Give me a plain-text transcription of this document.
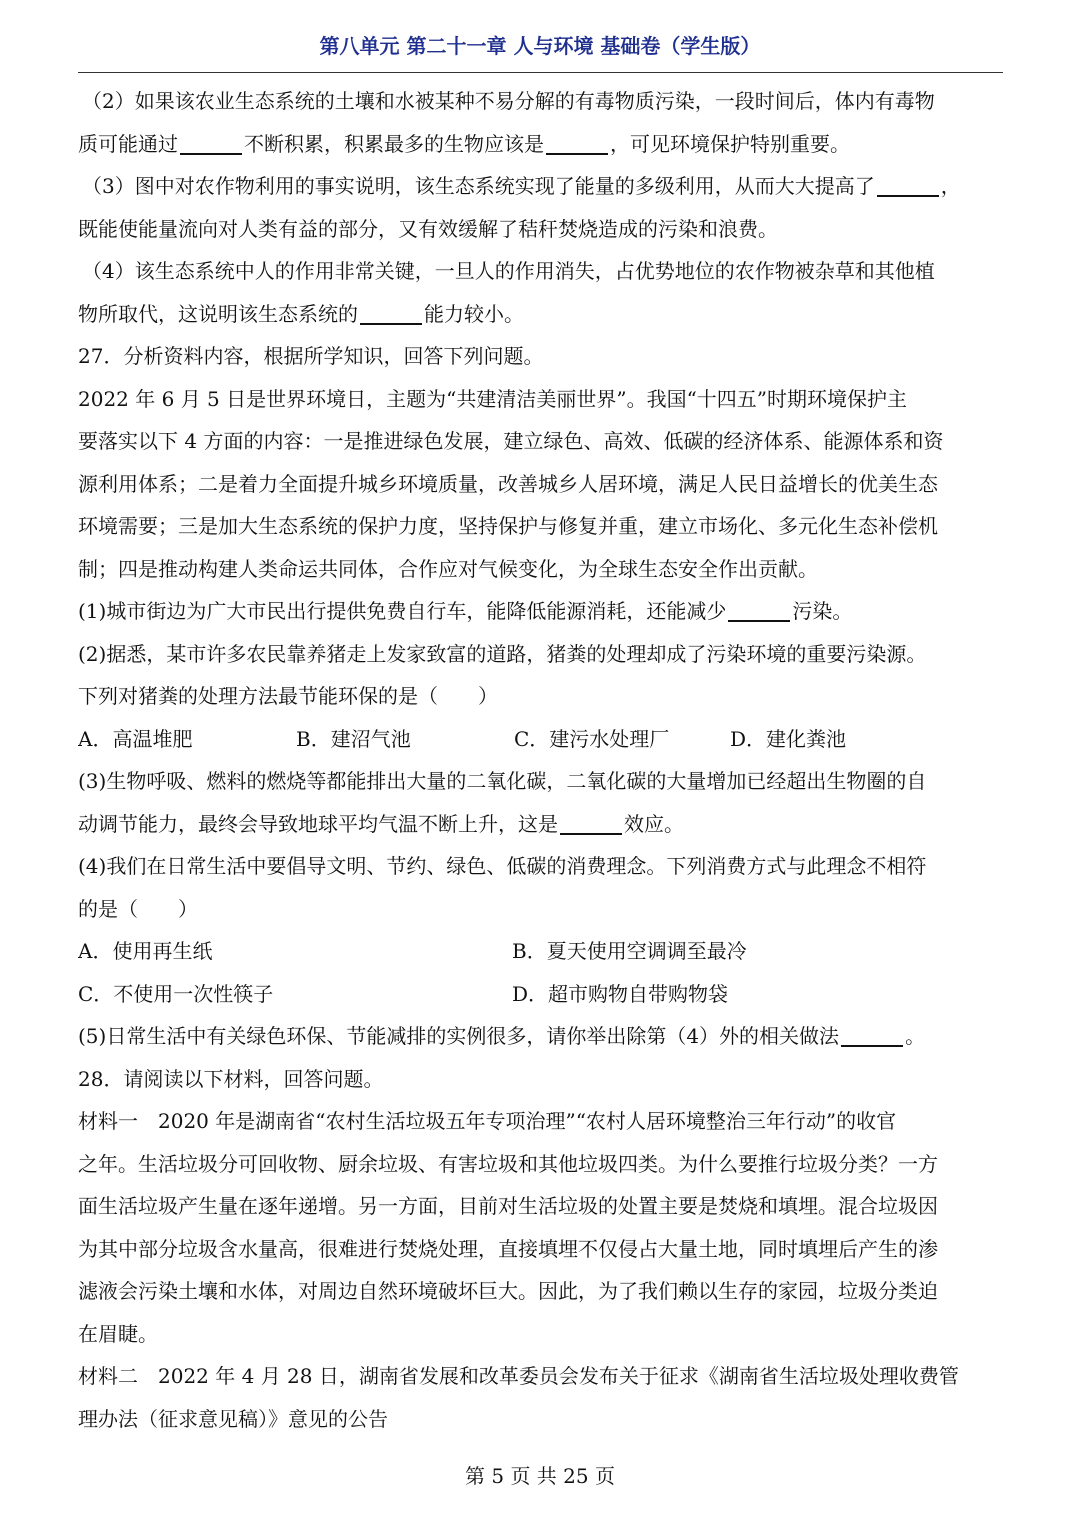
第八单元 第二十一章 人与环境 基础卷（学生版）

（2）如果该农业生态系统的土壤和水被某种不易分解的有毒物质污染，一段时间后，体内有毒物

质可能通过	不断积累，积累最多的生物应该是	，可见环境保护特别重要。

（3）图中对农作物利用的事实说明，该生态系统实现了能量的多级利用，从而大大提高了	，

既能使能量流向对人类有益的部分，又有效缓解了秸秆焚烧造成的污染和浪费。

（4）该生态系统中人的作用非常关键，一旦人的作用消失，占优势地位的农作物被杂草和其他植

物所取代，这说明该生态系统的	能力较小。

27．分析资料内容，根据所学知识，回答下列问题。

2022 年 6 月 5 日是世界环境日，主题为“共建清洁美丽世界”。我国“十四五”时期环境保护主

要落实以下 4 方面的内容：一是推进绿色发展，建立绿色、高效、低碳的经济体系、能源体系和资

源利用体系；二是着力全面提升城乡环境质量，改善城乡人居环境，满足人民日益增长的优美生态

环境需要；三是加大生态系统的保护力度，坚持保护与修复并重，建立市场化、多元化生态补偿机

制；四是推动构建人类命运共同体，合作应对气候变化，为全球生态安全作出贡献。

(1)城市街边为广大市民出行提供免费自行车，能降低能源消耗，还能减少	污染。

(2)据悉，某市许多农民靠养猪走上发家致富的道路，猪粪的处理却成了污染环境的重要污染源。

下列对猪粪的处理方法最节能环保的是（　　）

A．高温堆肥	B．建沼气池	C．建污水处理厂	D．建化粪池

(3)生物呼吸、燃料的燃烧等都能排出大量的二氧化碳，二氧化碳的大量增加已经超出生物圈的自

动调节能力，最终会导致地球平均气温不断上升，这是	效应。

(4)我们在日常生活中要倡导文明、节约、绿色、低碳的消费理念。下列消费方式与此理念不相符

的是（　　）

A．使用再生纸	B．夏天使用空调调至最冷

C．不使用一次性筷子	D．超市购物自带购物袋

(5)日常生活中有关绿色环保、节能减排的实例很多，请你举出除第（4）外的相关做法	。

28．请阅读以下材料，回答问题。

材料一　2020 年是湖南省“农村生活垃圾五年专项治理”“农村人居环境整治三年行动”的收官

之年。生活垃圾分可回收物、厨余垃圾、有害垃圾和其他垃圾四类。为什么要推行垃圾分类？一方

面生活垃圾产生量在逐年递增。另一方面，目前对生活垃圾的处置主要是焚烧和填埋。混合垃圾因

为其中部分垃圾含水量高，很难进行焚烧处理，直接填埋不仅侵占大量土地，同时填埋后产生的渗

滤液会污染土壤和水体，对周边自然环境破坏巨大。因此，为了我们赖以生存的家园，垃圾分类迫

在眉睫。

材料二　2022 年 4 月 28 日，湖南省发展和改革委员会发布关于征求《湖南省生活垃圾处理收费管

理办法（征求意见稿）》意见的公告

第 5 页 共 25 页
